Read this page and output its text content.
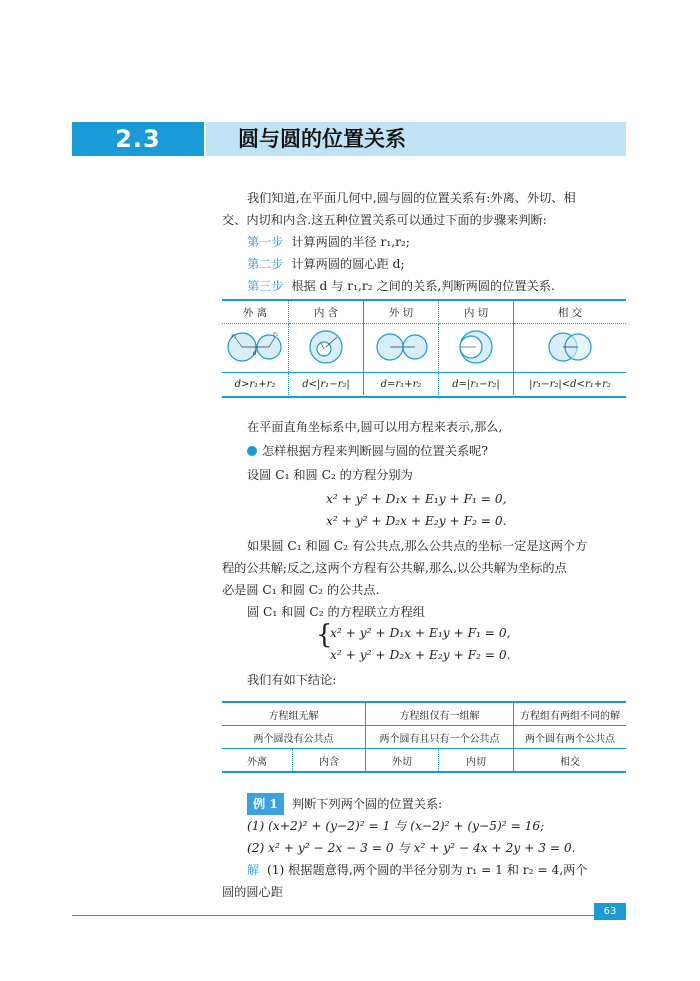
2.3	圆与圆的位置关系
我们知道,在平面几何中,圆与圆的位置关系有:外离、外切、相
交、内切和内含.这五种位置关系可以通过下面的步骤来判断:
第一步 计算两圆的半径 r₁,r₂;
第二步 计算两圆的圆心距 d;
第三步 根据 d 与 r₁,r₂ 之间的关系,判断两圆的位置关系.
外 离	内 含	外 切	内 切	相 交

r₁ r₂
d

d>r₁+r₂	d<|r₁−r₂|	d=r₁+r₂	d=|r₁−r₂|	|r₁−r₂|<d<r₁+r₂
在平面直角坐标系中,圆可以用方程来表示,那么,
怎样根据方程来判断圆与圆的位置关系呢?
设圆 C₁ 和圆 C₂ 的方程分别为
x² + y² + D₁x + E₁y + F₁ = 0,
x² + y² + D₂x + E₂y + F₂ = 0.
如果圆 C₁ 和圆 C₂ 有公共点,那么公共点的坐标一定是这两个方
程的公共解;反之,这两个方程有公共解,那么,以公共解为坐标的点
必是圆 C₁ 和圆 C₂ 的公共点.
圆 C₁ 和圆 C₂ 的方程联立方程组
{
x² + y² + D₁x + E₁y + F₁ = 0,
x² + y² + D₂x + E₂y + F₂ = 0.
我们有如下结论:
方程组无解		方程组仅有一组解		方程组有两组不同的解
两个圆没有公共点		两个圆有且只有一个公共点		两个圆有两个公共点
外离	内含	外切	内切	相交
例 1 判断下列两个圆的位置关系:
(1) (x+2)² + (y−2)² = 1 与 (x−2)² + (y−5)² = 16;
(2) x² + y² − 2x − 3 = 0 与 x² + y² − 4x + 2y + 3 = 0.
解 (1) 根据题意得,两个圆的半径分别为 r₁ = 1 和 r₂ = 4,两个
圆的圆心距
63
